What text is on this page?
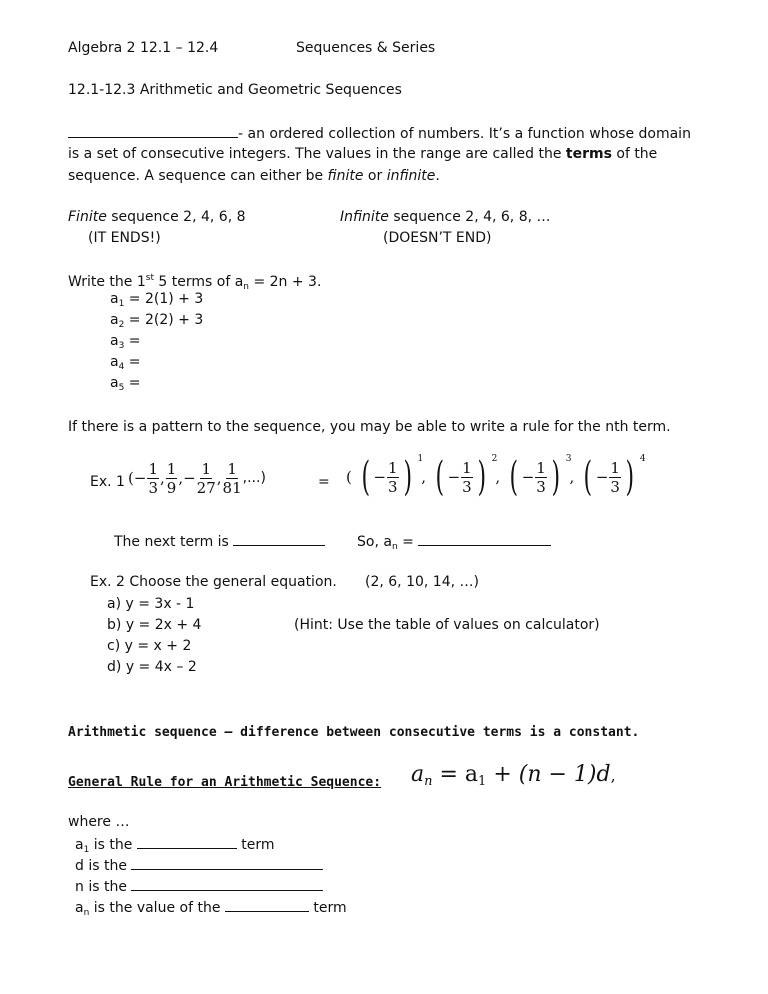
Algebra 2 12.1 – 12.4	Sequences & Series
12.1-12.3 Arithmetic and Geometric Sequences
- an ordered collection of numbers. It’s a function whose domain
is a set of consecutive integers. The values in the range are called the terms of the
sequence. A sequence can either be finite or infinite.
Finite sequence 2, 4, 6, 8
(IT ENDS!)
Infinite sequence 2, 4, 6, 8, …
(DOESN’T END)
Write the 1st 5 terms of $a_n = 2n + 3$.
$a_1 = 2(1) + 3$
$a_2 = 2(2) + 3$
$a_3$ =
$a_4$ =
$a_5$ =
If there is a pattern to the sequence, you may be able to write a rule for the nth term.
Ex. 1 ( − $\frac{1}{3}$ , $\frac{1}{9}$ , − $\frac{1}{27}$ , $\frac{1}{81}$ ,...)	= ( ( − $\frac{1}{3}$ ) 1
, ( − $\frac{1}{3}$ ) 2
, ( − $\frac{1}{3}$ ) 3
, ( − $\frac{1}{3}$ ) 4
The next term is	So, $a_n$ =
Ex. 2 Choose the general equation. (2, 6, 10, 14, …)
a) y = 3x - 1
b) y = 2x + 4
c) y = x + 2
d) y = 4x – 2
(Hint: Use the table of values on calculator)
Arithmetic sequence – difference between consecutive terms is a constant.
General Rule for an Arithmetic Sequence: an = a1 + (n − 1)d,
where …
$a_1$ is the	term
d is the
n is the
$a_n$ is the value of the	term
